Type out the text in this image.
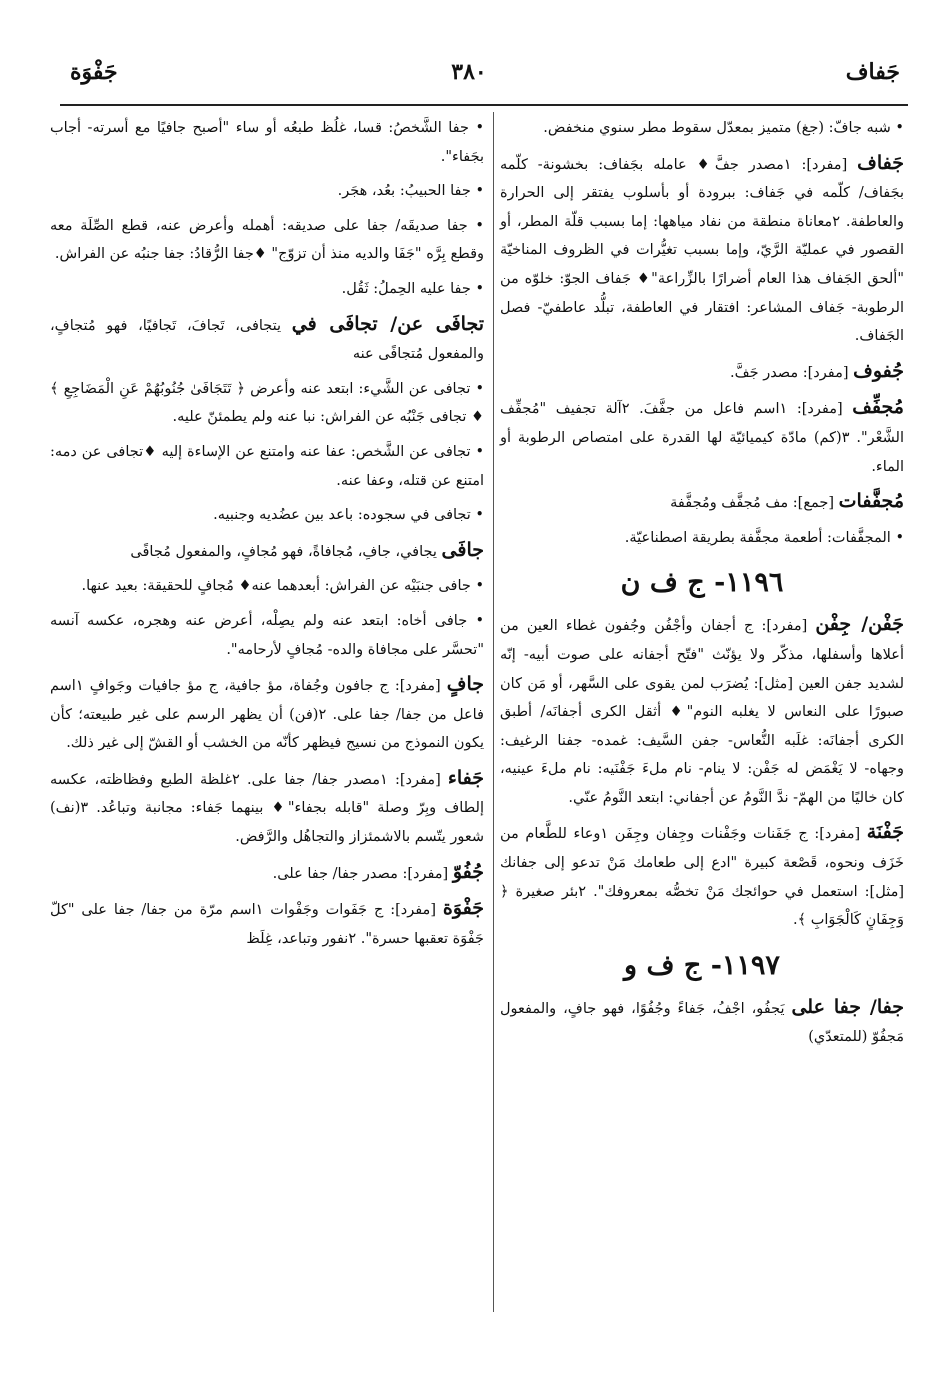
جَفاف
٣٨٠
جَفْوَة

• شبه جافّ: (جغ) متميز بمعدّل سقوط مطر سنوي منخفض.

جَفاف [مفرد]: ١مصدر جفَّ♦ عامله بجَفاف: بخشونة- كلّمه بجَفاف/ كلّمه في جَفاف: ببرودة أو بأسلوب يفتقر إلى الحرارة والعاطفة. ٢معاناة منطقة من نفاد مياهها: إما بسبب قلّة المطر، أو القصور في عمليّة الرَّيّ، وإما بسبب تغيُّرات في الظروف المناخيّة "ألحق الجَفاف هذا العام أضرارًا بالزِّراعة"♦ جَفاف الجوّ: خلوّه من الرطوبة- جَفاف المشاعر: افتقار في العاطفة، تبلُّد عاطفيّ- فصل الجَفاف.

جُفوف [مفرد]: مصدر جَفَّ.

مُجفِّف [مفرد]: ١اسم فاعل من جفَّفَ. ٢آلة تجفيف "مُجفِّف الشَّعْر". ٣(كم) مادّة كيميائيّة لها القدرة على امتصاص الرطوبة أو الماء.

مُجفَّفات [جمع]: مف مُجفَّف ومُجفَّفة

• المجفَّفات: أطعمة مجفَّفة بطريقة اصطناعيّة.

١١٩٦- ج ف ن

جَفْن/ جِفْن [مفرد]: ج أجفان وأجْفُن وجُفون غطاء العين من أعلاها وأسفلها، مذكّر ولا يؤنّث "فتّح أجفانه على صوت أبيه- إنّه لشديد جفن العين [مثل]: يُضرَب لمن يقوى على السَّهر، أو مَن كان صبورًا على النعاس لا يغلبه النوم"♦ أثقل الكرى أجفانَه/ أطبق الكرى أجفانَه: غلَبه النُّعاس- جفن السَّيف: غمده- جفنا الرغيف: وجهاه- لا يَغْمَض له جَفْن: لا ينام- نام ملءَ جَفْنَيه: نام ملءَ عينيه، كان خاليًا من الهمّ- ندَّ النَّومُ عن أجفاني: ابتعد النَّومُ عنّي.

جَفْنَة [مفرد]: ج جَفَنات وجَفْنات وجِفان وجِفَن ١وعاء للطَّعام من خَزَف ونحوه، قَصْعة كبيرة "ادع إلى طعامك مَنْ تدعو إلى جفانك [مثل]: استعمل في حوائجك مَنْ تخصُّه بمعروفك". ٢بئر صغيرة ﴿ وَجِفَانٍ كَالْجَوَابِ ﴾.

١١٩٧- ج ف و

جفا/ جفا على يَجفُو، اجْفُ، جَفاءً وجُفُوًا، فهو جافٍ، والمفعول مَجفُوّ (للمتعدّي)

• جفا الشَّخصُ: قسا، غلُظ طبعُه أو ساء "أصبح جافيًا مع أسرته- أجاب بجَفاء".

• جفا الحبيبُ: بعُد، هجَر.

• جفا صديقَه/ جفا على صديقه: أهمله وأعرض عنه، قطع الصِّلَة معه وقطع بِرَّه "جَفَا والديه منذ أن تزوّج" ♦جفا الرُّقادُ: جفا جنبُه عن الفراش.

• جفا عليه الحِملُ: ثَقُل.

تجافَى عن/ تجافَى في يتجافى، تَجافَ، تَجافيًا، فهو مُتجافٍ، والمفعول مُتجافًى عنه

• تجافى عن الشَّيء: ابتعد عنه وأعرض ﴿ تَتَجَافَىٰ جُنُوبُهُمْ عَنِ الْمَضَاجِعِ ﴾ ♦ تجافى جَنْبُه عن الفراش: نبا عنه ولم يطمئنّ عليه.

• تجافى عن الشَّخص: عفا عنه وامتنع عن الإساءة إليه ♦تجافى عن دمه: امتنع عن قتله، وعفا عنه.

• تجافى في سجوده: باعد بين عضُديه وجنبيه.

جافَى يجافي، جافِ، مُجافاةً، فهو مُجافٍ، والمفعول مُجافًى

• جافى جنبَيْه عن الفراش: أبعدهما عنه♦ مُجافٍ للحقيقة: بعيد عنها.

• جافى أخاه: ابتعد عنه ولم يصِلْه، أعرض عنه وهجره، عكسه آنسه "تحسَّر على مجافاة والده- مُجافٍ لأرحامه".

جافٍ [مفرد]: ج جافون وجُفاة، مؤ جافية، ج مؤ جافيات وجَوافٍ ١اسم فاعل من جفا/ جفا على. ٢(فن) أن يظهر الرسم على غير طبيعته؛ كأن يكون النموذج من نسيج فيظهر كأنّه من الخشب أو القشّ إلى غير ذلك.

جَفاء [مفرد]: ١مصدر جفا/ جفا على. ٢غلظة الطبع وفظاظته، عكسه إلطاف وبِرّ وصلة "قابله بجفاء"♦ بينهما جَفاء: مجانبة وتباعُد. ٣(نف) شعور يتّسم بالاشمئزاز والتجاهُل والرَّفض.

جُفُوّ [مفرد]: مصدر جفا/ جفا على.

جَفْوَة [مفرد]: ج جَفَوات وجَفْوات ١اسم مرّة من جفا/ جفا على "كلّ جَفْوَة تعقبها حسرة". ٢نفور وتباعد، غِلَظ
